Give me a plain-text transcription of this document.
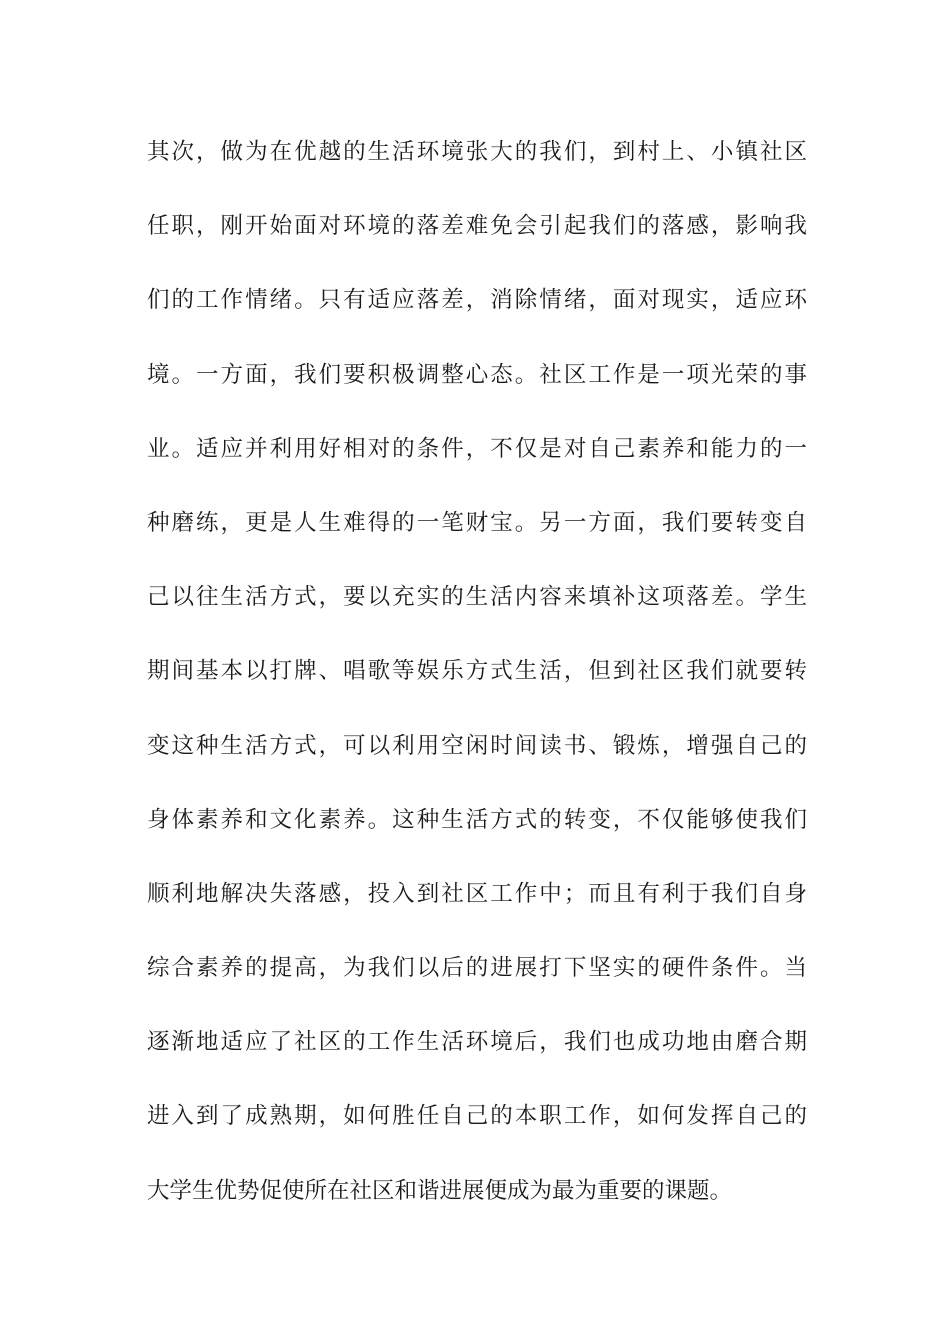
其次，做为在优越的生活环境张大的我们，到村上、小镇社区
任职，刚开始面对环境的落差难免会引起我们的落感，影响我
们的工作情绪。只有适应落差，消除情绪，面对现实，适应环
境。一方面，我们要积极调整心态。社区工作是一项光荣的事
业。适应并利用好相对的条件，不仅是对自己素养和能力的一
种磨练，更是人生难得的一笔财宝。另一方面，我们要转变自
己以往生活方式，要以充实的生活内容来填补这项落差。学生
期间基本以打牌、唱歌等娱乐方式生活，但到社区我们就要转
变这种生活方式，可以利用空闲时间读书、锻炼，增强自己的
身体素养和文化素养。这种生活方式的转变，不仅能够使我们
顺利地解决失落感，投入到社区工作中；而且有利于我们自身
综合素养的提高，为我们以后的进展打下坚实的硬件条件。当
逐渐地适应了社区的工作生活环境后，我们也成功地由磨合期
进入到了成熟期，如何胜任自己的本职工作，如何发挥自己的
大学生优势促使所在社区和谐进展便成为最为重要的课题。
